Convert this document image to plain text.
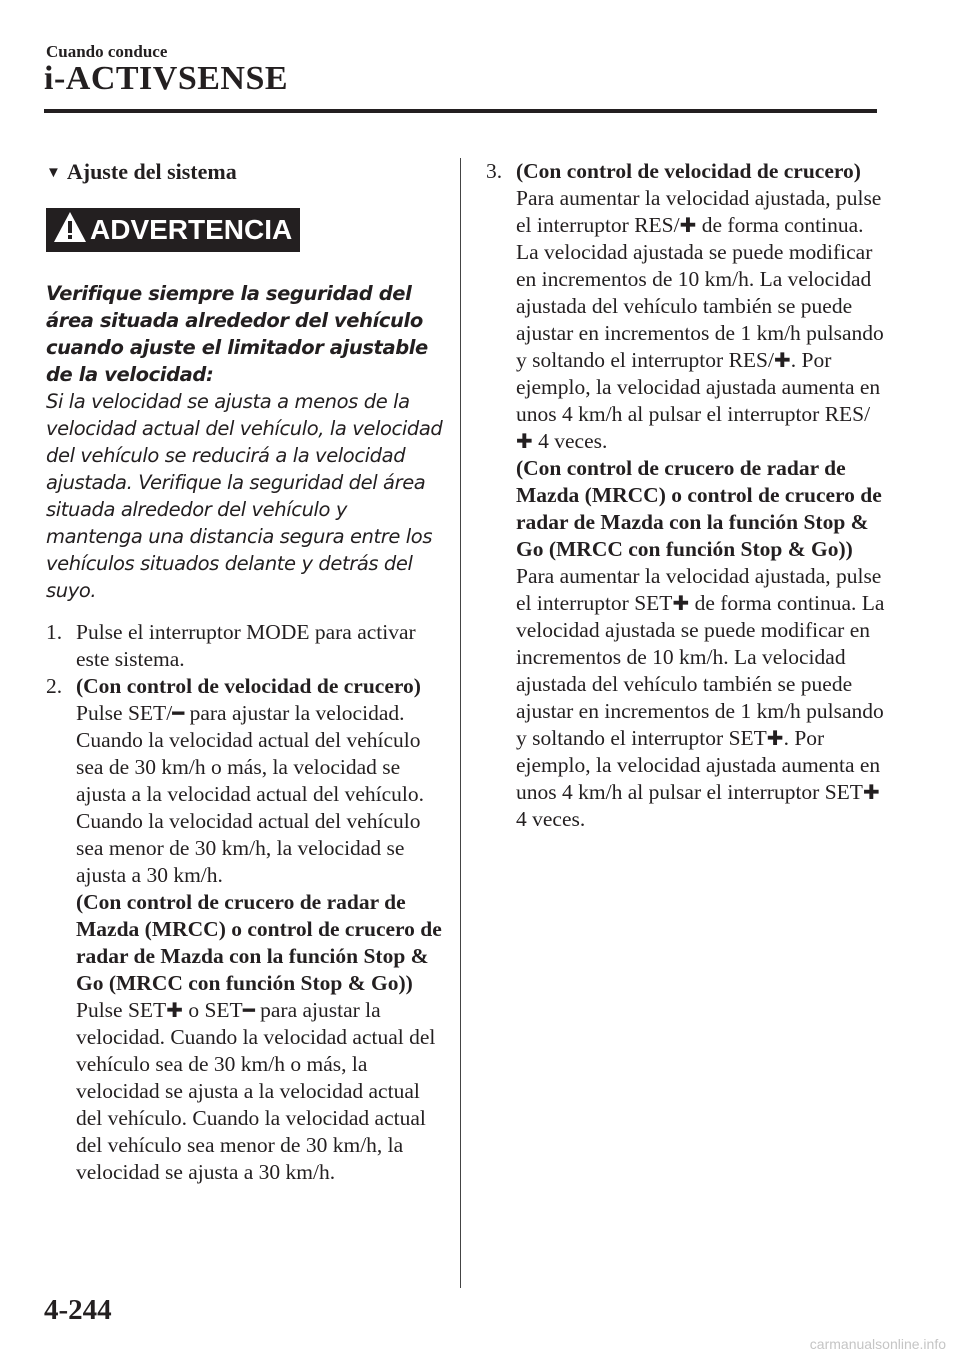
Cuando conduce
i-ACTIVSENSE
▼ Ajuste del sistema
ADVERTENCIA
Verifique siempre la seguridad del área situada alrededor del vehículo cuando ajuste el limitador ajustable de la velocidad:
Si la velocidad se ajusta a menos de la velocidad actual del vehículo, la velocidad del vehículo se reducirá a la velocidad ajustada. Verifique la seguridad del área situada alrededor del vehículo y mantenga una distancia segura entre los vehículos situados delante y detrás del suyo.
1. Pulse el interruptor MODE para activar este sistema.
2. (Con control de velocidad de crucero)
Pulse SET/━ para ajustar la velocidad. Cuando la velocidad actual del vehículo sea de 30 km/h o más, la velocidad se ajusta a la velocidad actual del vehículo. Cuando la velocidad actual del vehículo sea menor de 30 km/h, la velocidad se ajusta a 30 km/h.
(Con control de crucero de radar de Mazda (MRCC) o control de crucero de radar de Mazda con la función Stop & Go (MRCC con función Stop & Go))
Pulse SET✚ o SET━ para ajustar la velocidad. Cuando la velocidad actual del vehículo sea de 30 km/h o más, la velocidad se ajusta a la velocidad actual del vehículo. Cuando la velocidad actual del vehículo sea menor de 30 km/h, la velocidad se ajusta a 30 km/h.
3. (Con control de velocidad de crucero)
Para aumentar la velocidad ajustada, pulse el interruptor RES/✚ de forma continua. La velocidad ajustada se puede modificar en incrementos de 10 km/h. La velocidad ajustada del vehículo también se puede ajustar en incrementos de 1 km/h pulsando y soltando el interruptor RES/✚. Por ejemplo, la velocidad ajustada aumenta en unos 4 km/h al pulsar el interruptor RES/✚ 4 veces.
(Con control de crucero de radar de Mazda (MRCC) o control de crucero de radar de Mazda con la función Stop & Go (MRCC con función Stop & Go))
Para aumentar la velocidad ajustada, pulse el interruptor SET✚ de forma continua. La velocidad ajustada se puede modificar en incrementos de 10 km/h. La velocidad ajustada del vehículo también se puede ajustar en incrementos de 1 km/h pulsando y soltando el interruptor SET✚. Por ejemplo, la velocidad ajustada aumenta en unos 4 km/h al pulsar el interruptor SET✚ 4 veces.
4-244
carmanualsonline.info
